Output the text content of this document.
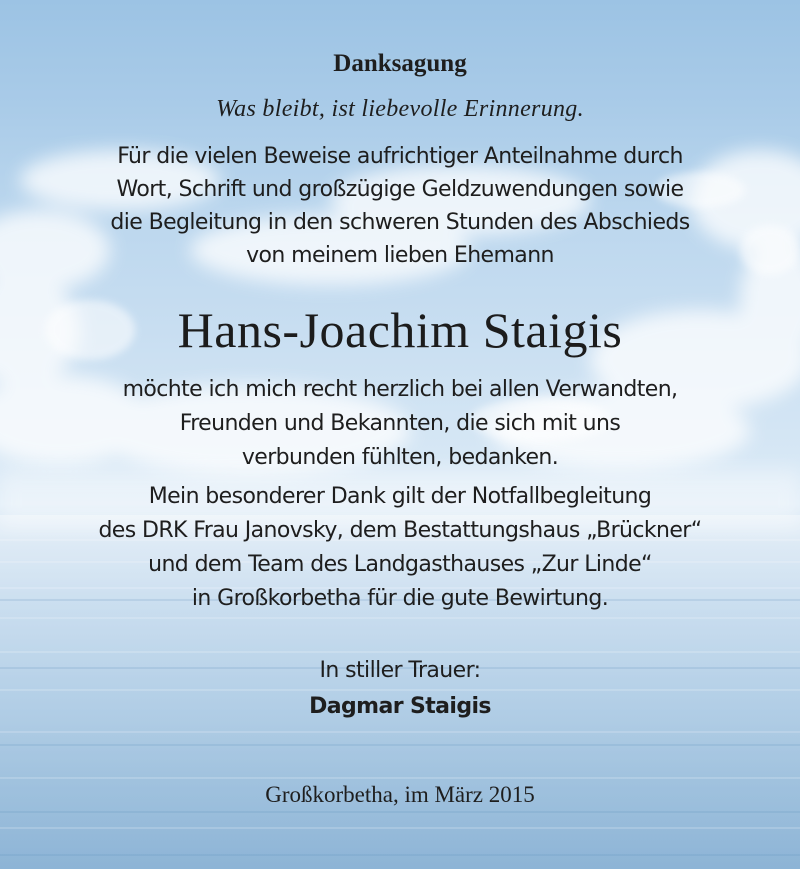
Danksagung
Was bleibt, ist liebevolle Erinnerung.
Für die vielen Beweise aufrichtiger Anteilnahme durch
Wort, Schrift und großzügige Geldzuwendungen sowie
die Begleitung in den schweren Stunden des Abschieds
von meinem lieben Ehemann
Hans-Joachim Staigis
möchte ich mich recht herzlich bei allen Verwandten,
Freunden und Bekannten, die sich mit uns
verbunden fühlten, bedanken.
Mein besonderer Dank gilt der Notfallbegleitung
des DRK Frau Janovsky, dem Bestattungshaus „Brückner“
und dem Team des Landgasthauses „Zur Linde“
in Großkorbetha für die gute Bewirtung.
In stiller Trauer:
Dagmar Staigis
Großkorbetha, im März 2015
